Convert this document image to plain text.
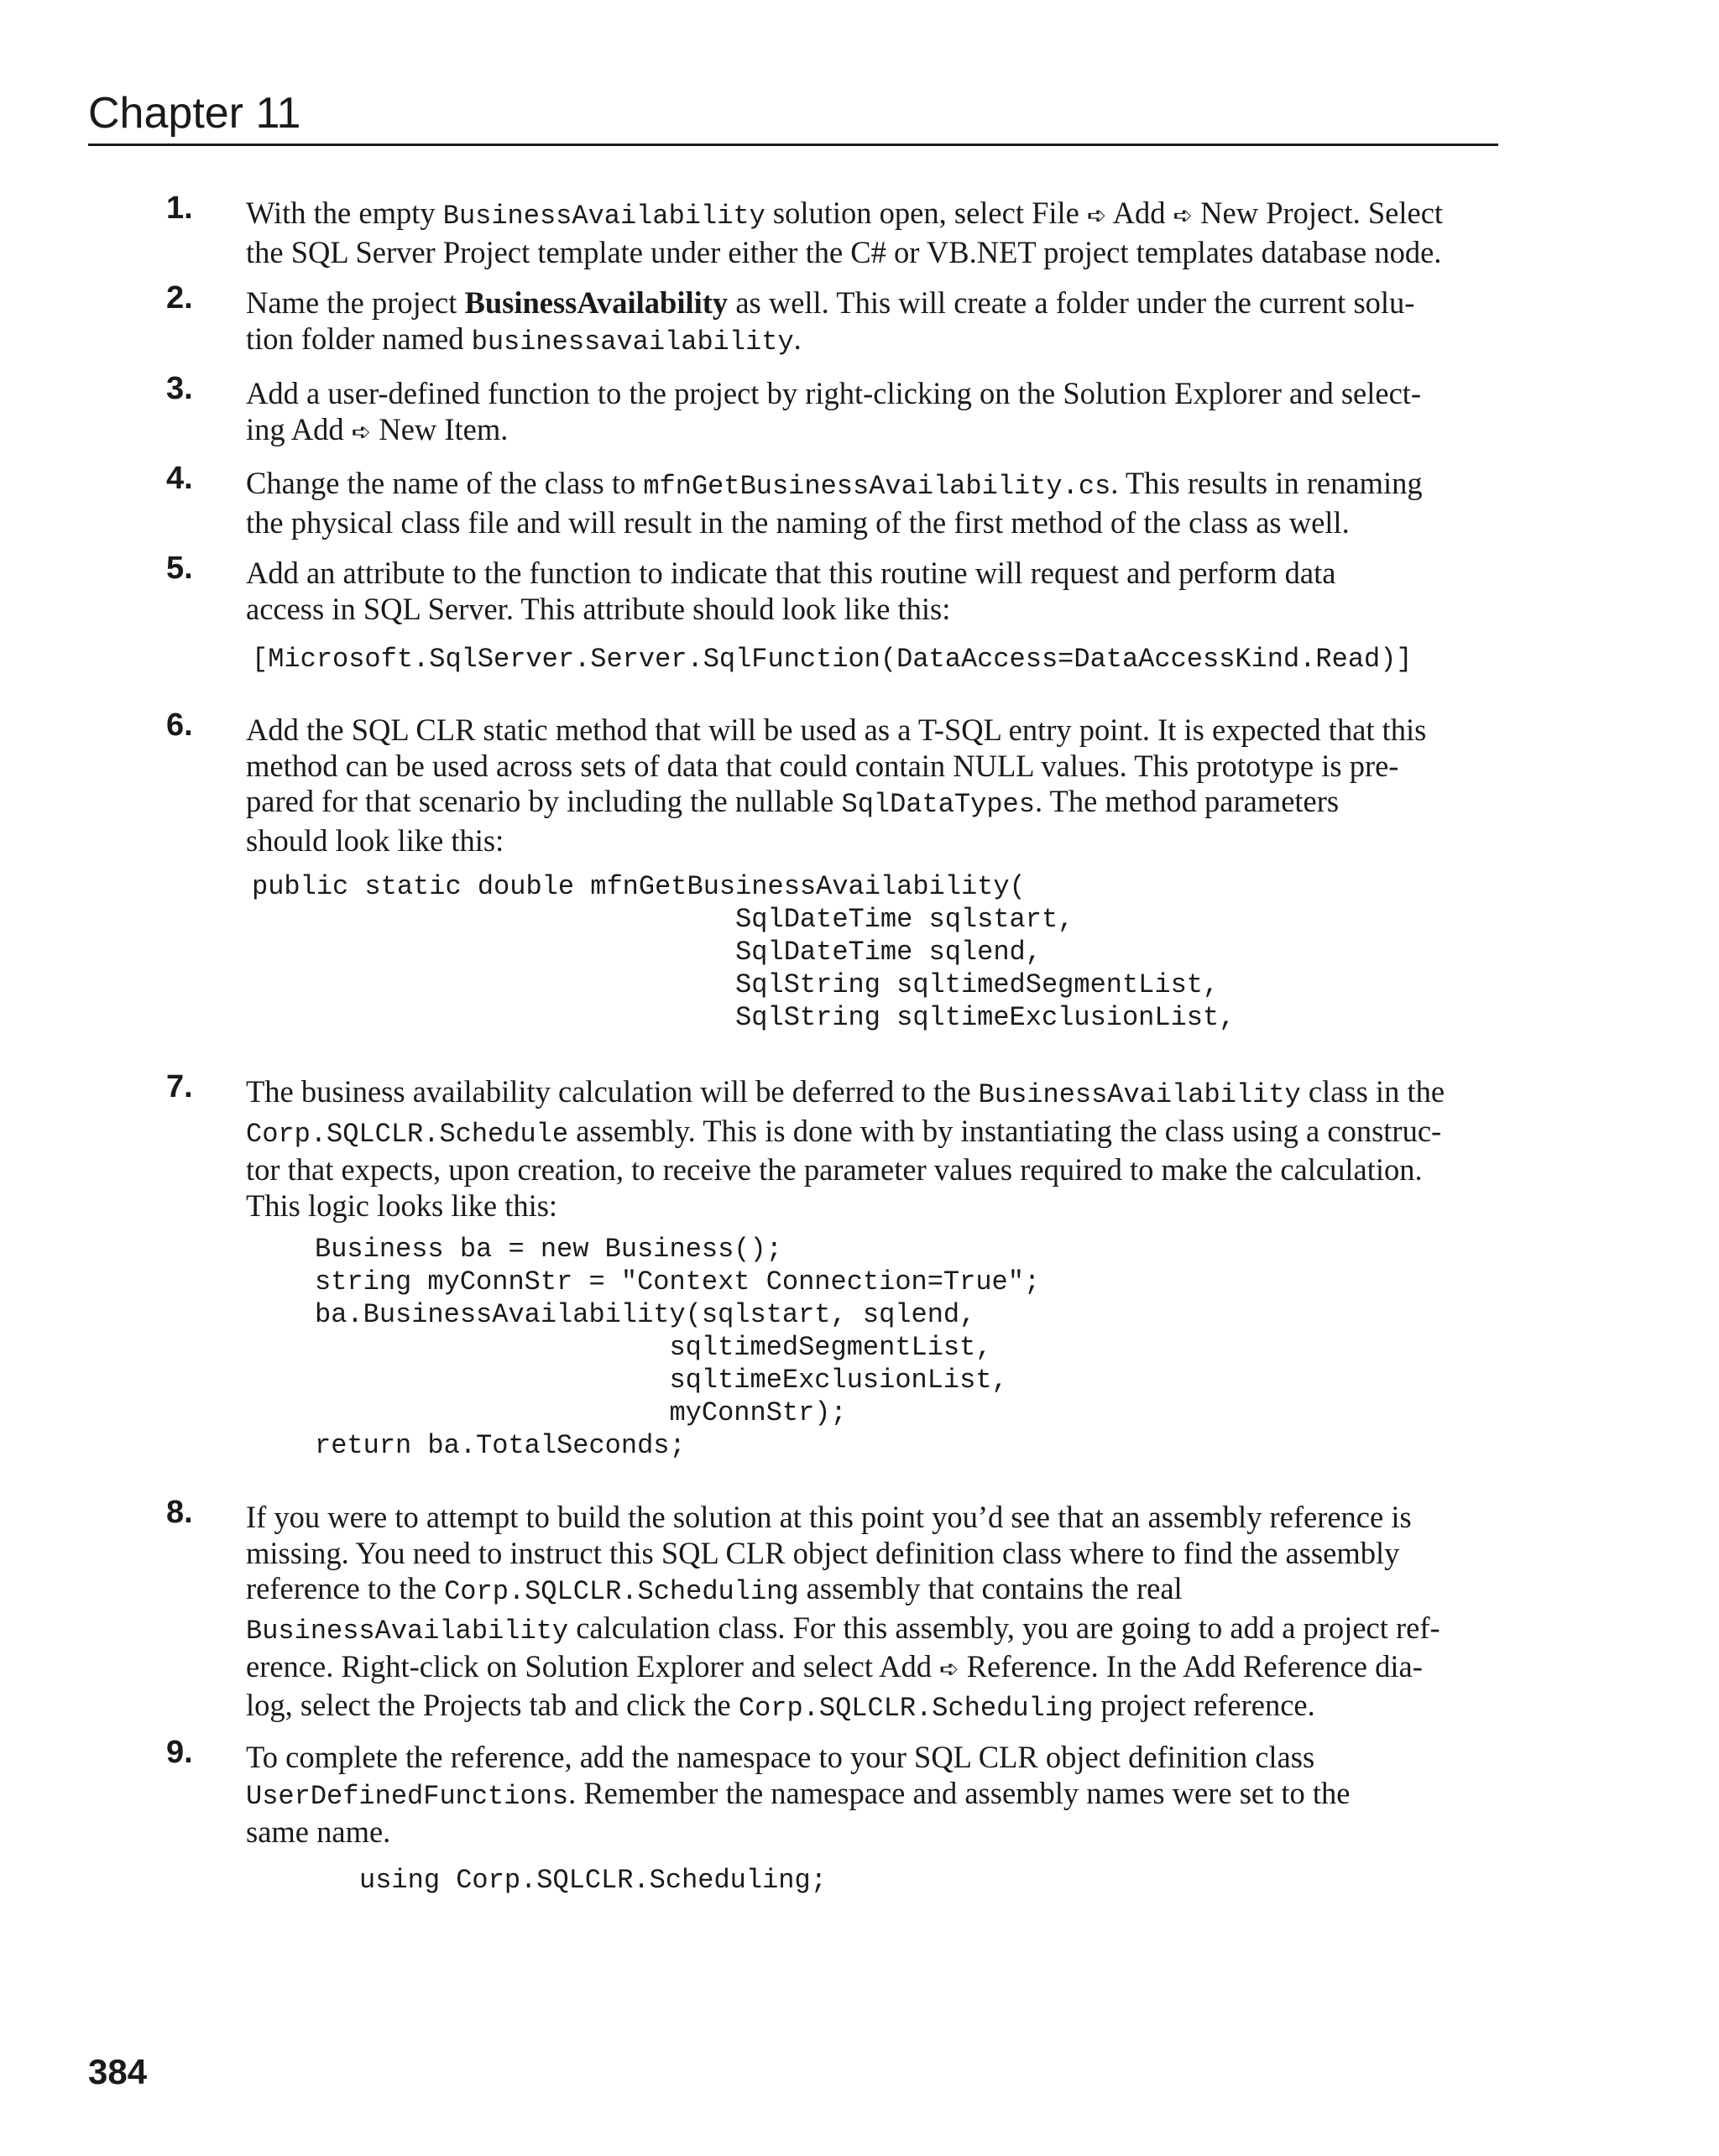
Chapter 11
1. With the empty BusinessAvailability solution open, select File ➪ Add ➪ New Project. Select
the SQL Server Project template under either the C# or VB.NET project templates database node.
2. Name the project BusinessAvailability as well. This will create a folder under the current solu-
tion folder named businessavailability.
3. Add a user-defined function to the project by right-clicking on the Solution Explorer and select-
ing Add ➪ New Item.
4. Change the name of the class to mfnGetBusinessAvailability.cs. This results in renaming
the physical class file and will result in the naming of the first method of the class as well.
5. Add an attribute to the function to indicate that this routine will request and perform data
access in SQL Server. This attribute should look like this:
[Microsoft.SqlServer.Server.SqlFunction(DataAccess=DataAccessKind.Read)]
6. Add the SQL CLR static method that will be used as a T-SQL entry point. It is expected that this
method can be used across sets of data that could contain NULL values. This prototype is pre-
pared for that scenario by including the nullable SqlDataTypes. The method parameters
should look like this:
public static double mfnGetBusinessAvailability(
SqlDateTime sqlstart,
SqlDateTime sqlend,
SqlString sqltimedSegmentList,
SqlString sqltimeExclusionList,
7. The business availability calculation will be deferred to the BusinessAvailability class in the
Corp.SQLCLR.Schedule assembly. This is done with by instantiating the class using a construc-
tor that expects, upon creation, to receive the parameter values required to make the calculation.
This logic looks like this:
Business ba = new Business();
string myConnStr = "Context Connection=True";
ba.BusinessAvailability(sqlstart, sqlend,
sqltimedSegmentList,
sqltimeExclusionList,
myConnStr);
return ba.TotalSeconds;
8. If you were to attempt to build the solution at this point you’d see that an assembly reference is
missing. You need to instruct this SQL CLR object definition class where to find the assembly
reference to the Corp.SQLCLR.Scheduling assembly that contains the real
BusinessAvailability calculation class. For this assembly, you are going to add a project ref-
erence. Right-click on Solution Explorer and select Add ➪ Reference. In the Add Reference dia-
log, select the Projects tab and click the Corp.SQLCLR.Scheduling project reference.
9. To complete the reference, add the namespace to your SQL CLR object definition class
UserDefinedFunctions. Remember the namespace and assembly names were set to the
same name.
using Corp.SQLCLR.Scheduling;
384
